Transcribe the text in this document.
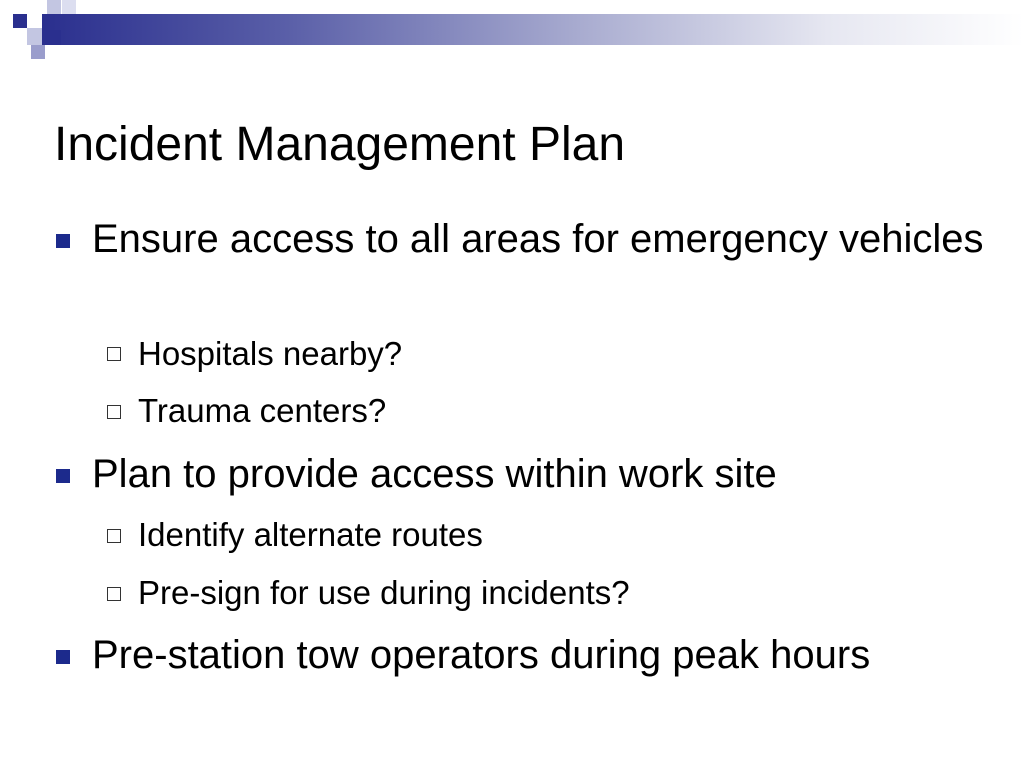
Incident Management Plan
Ensure access to all areas for emergency vehicles
Hospitals nearby?
Trauma centers?
Plan to provide access within work site
Identify alternate routes
Pre-sign for use during incidents?
Pre-station tow operators during peak hours
